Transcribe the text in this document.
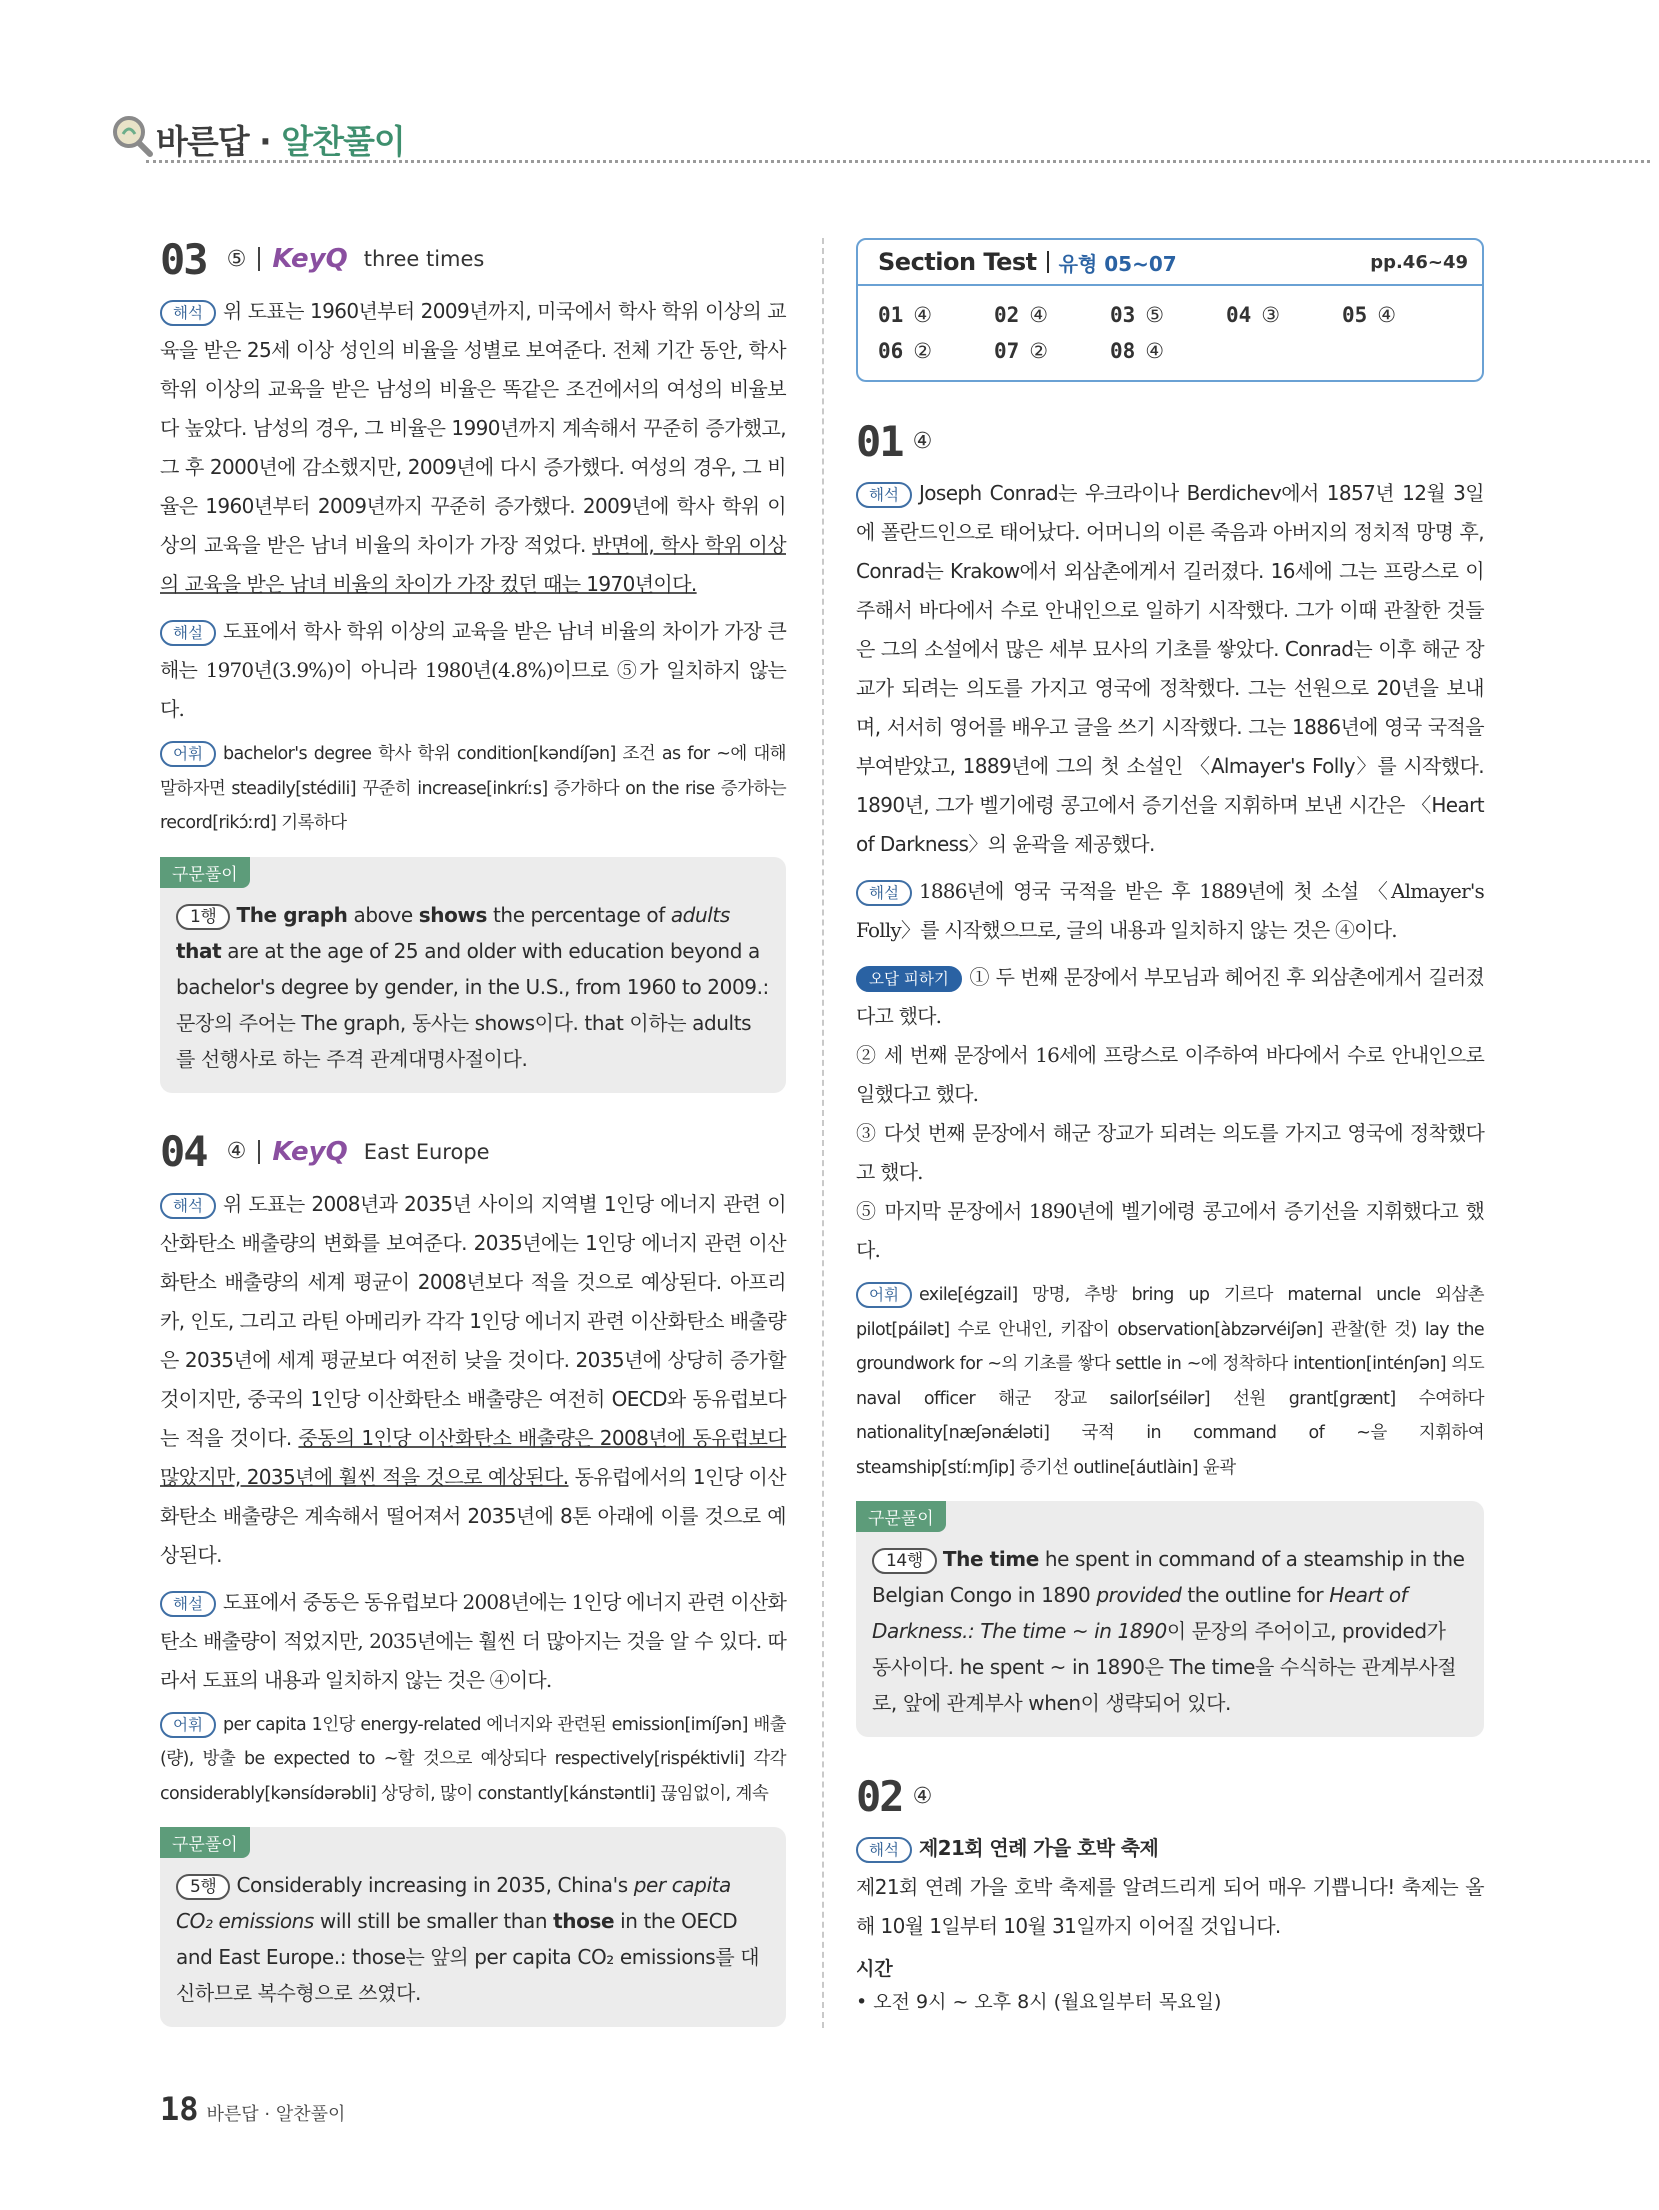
바른답 · 알찬풀이
03 ⑤ KeyQ three times

해석 위 도표는 1960년부터 2009년까지, 미국에서 학사 학위 이상의 교육을 받은 25세 이상 성인의 비율을 성별로 보여준다. 전체 기간 동안, 학사 학위 이상의 교육을 받은 남성의 비율은 똑같은 조건에서의 여성의 비율보다 높았다. 남성의 경우, 그 비율은 1990년까지 계속해서 꾸준히 증가했고, 그 후 2000년에 감소했지만, 2009년에 다시 증가했다. 여성의 경우, 그 비율은 1960년부터 2009년까지 꾸준히 증가했다. 2009년에 학사 학위 이상의 교육을 받은 남녀 비율의 차이가 가장 적었다. 반면에, 학사 학위 이상의 교육을 받은 남녀 비율의 차이가 가장 컸던 때는 1970년이다.

해설 도표에서 학사 학위 이상의 교육을 받은 남녀 비율의 차이가 가장 큰 해는 1970년(3.9%)이 아니라 1980년(4.8%)이므로 ⑤가 일치하지 않는다.

어휘 bachelor's degree 학사 학위 condition[kəndíʃən] 조건 as for ~에 대해 말하자면 steadily[stédili] 꾸준히 increase[inkríːs] 증가하다 on the rise 증가하는 record[rikɔ́ːrd] 기록하다

구문풀이

1행 The graph above shows the percentage of adults that are at the age of 25 and older with education beyond a bachelor's degree by gender, in the U.S., from 1960 to 2009.: 문장의 주어는 The graph, 동사는 shows이다. that 이하는 adults를 선행사로 하는 주격 관계대명사절이다.

04 ④ KeyQ East Europe

해석 위 도표는 2008년과 2035년 사이의 지역별 1인당 에너지 관련 이산화탄소 배출량의 변화를 보여준다. 2035년에는 1인당 에너지 관련 이산화탄소 배출량의 세계 평균이 2008년보다 적을 것으로 예상된다. 아프리카, 인도, 그리고 라틴 아메리카 각각 1인당 에너지 관련 이산화탄소 배출량은 2035년에 세계 평균보다 여전히 낮을 것이다. 2035년에 상당히 증가할 것이지만, 중국의 1인당 이산화탄소 배출량은 여전히 OECD와 동유럽보다는 적을 것이다. 중동의 1인당 이산화탄소 배출량은 2008년에 동유럽보다 많았지만, 2035년에 훨씬 적을 것으로 예상된다. 동유럽에서의 1인당 이산화탄소 배출량은 계속해서 떨어져서 2035년에 8톤 아래에 이를 것으로 예상된다.

해설 도표에서 중동은 동유럽보다 2008년에는 1인당 에너지 관련 이산화탄소 배출량이 적었지만, 2035년에는 훨씬 더 많아지는 것을 알 수 있다. 따라서 도표의 내용과 일치하지 않는 것은 ④이다.

어휘 per capita 1인당 energy-related 에너지와 관련된 emission[imíʃən] 배출(량), 방출 be expected to ~할 것으로 예상되다 respectively[rispéktivli] 각각 considerably[kənsídərəbli] 상당히, 많이 constantly[kánstəntli] 끊임없이, 계속

구문풀이

5행 Considerably increasing in 2035, China's per capita CO₂ emissions will still be smaller than those in the OECD and East Europe.: those는 앞의 per capita CO₂ emissions를 대신하므로 복수형으로 쓰였다.

Section Test 유형 05~07	pp.46~49
01 ④	02 ④	03 ⑤	04 ③	05 ④
06 ②	07 ②	08 ④
01 ④

해석 Joseph Conrad는 우크라이나 Berdichev에서 1857년 12월 3일에 폴란드인으로 태어났다. 어머니의 이른 죽음과 아버지의 정치적 망명 후, Conrad는 Krakow에서 외삼촌에게서 길러졌다. 16세에 그는 프랑스로 이주해서 바다에서 수로 안내인으로 일하기 시작했다. 그가 이때 관찰한 것들은 그의 소설에서 많은 세부 묘사의 기초를 쌓았다. Conrad는 이후 해군 장교가 되려는 의도를 가지고 영국에 정착했다. 그는 선원으로 20년을 보내며, 서서히 영어를 배우고 글을 쓰기 시작했다. 그는 1886년에 영국 국적을 부여받았고, 1889년에 그의 첫 소설인 〈Almayer's Folly〉를 시작했다. 1890년, 그가 벨기에령 콩고에서 증기선을 지휘하며 보낸 시간은 〈Heart of Darkness〉의 윤곽을 제공했다.

해설 1886년에 영국 국적을 받은 후 1889년에 첫 소설 〈Almayer's Folly〉를 시작했으므로, 글의 내용과 일치하지 않는 것은 ④이다.

오답 피하기 ① 두 번째 문장에서 부모님과 헤어진 후 외삼촌에게서 길러졌다고 했다.

② 세 번째 문장에서 16세에 프랑스로 이주하여 바다에서 수로 안내인으로 일했다고 했다.

③ 다섯 번째 문장에서 해군 장교가 되려는 의도를 가지고 영국에 정착했다고 했다.

⑤ 마지막 문장에서 1890년에 벨기에령 콩고에서 증기선을 지휘했다고 했다.

어휘 exile[égzail] 망명, 추방 bring up 기르다 maternal uncle 외삼촌 pilot[páilət] 수로 안내인, 키잡이 observation[àbzərvéiʃən] 관찰(한 것) lay the groundwork for ~의 기초를 쌓다 settle in ~에 정착하다 intention[inténʃən] 의도 naval officer 해군 장교 sailor[séilər] 선원 grant[grænt] 수여하다 nationality[næʃənǽləti] 국적 in command of ~을 지휘하여 steamship[stíːmʃip] 증기선 outline[áutlàin] 윤곽

구문풀이

14행 The time he spent in command of a steamship in the Belgian Congo in 1890 provided the outline for Heart of Darkness.: The time ~ in 1890이 문장의 주어이고, provided가 동사이다. he spent ~ in 1890은 The time을 수식하는 관계부사절로, 앞에 관계부사 when이 생략되어 있다.

02 ④

해석 제21회 연례 가을 호박 축제

제21회 연례 가을 호박 축제를 알려드리게 되어 매우 기쁩니다! 축제는 올해 10월 1일부터 10월 31일까지 이어질 것입니다.

시간
• 오전 9시 ~ 오후 8시 (월요일부터 목요일)
18 바른답 · 알찬풀이
